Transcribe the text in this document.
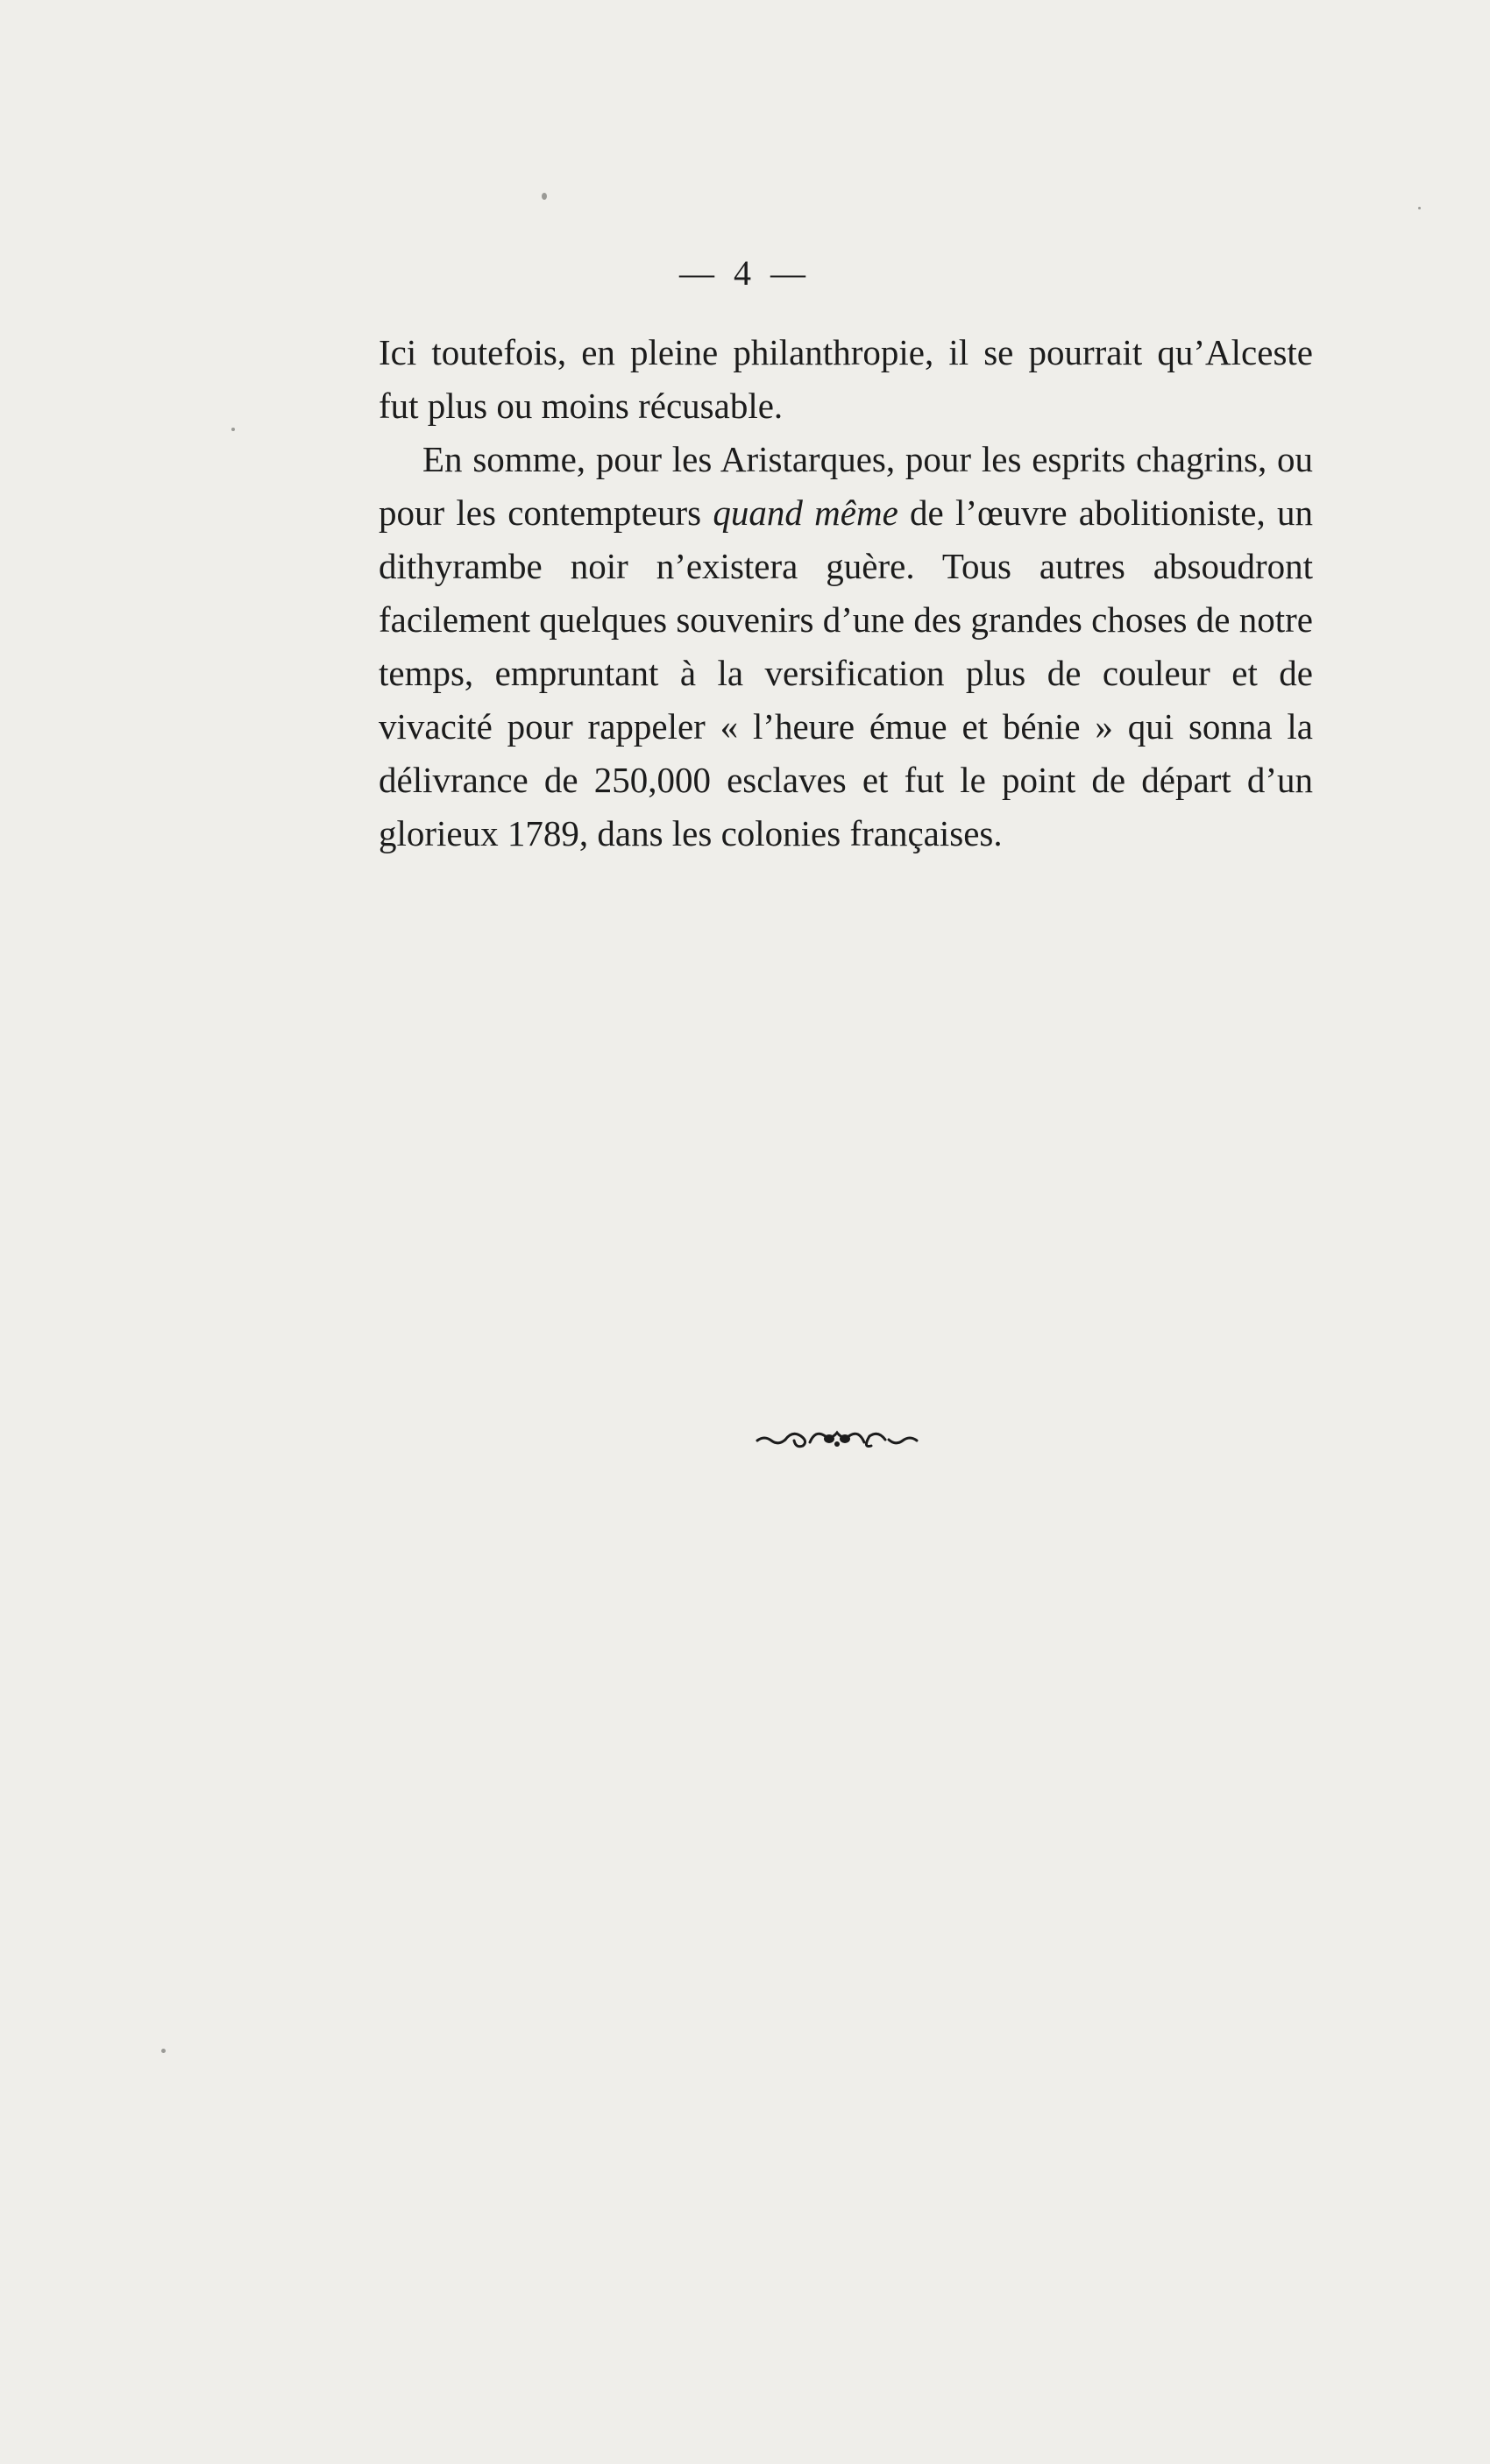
— 4 —

Ici toutefois, en pleine philanthropie, il se pourrait qu’Alceste fut plus ou moins récusable.

En somme, pour les Aristarques, pour les esprits chagrins, ou pour les contempteurs quand même de l’œuvre abolitioniste, un dithyrambe noir n’existera guère. Tous autres absoudront facilement quelques souvenirs d’une des grandes choses de notre temps, empruntant à la versification plus de couleur et de vivacité pour rappeler « l’heure émue et bénie » qui sonna la délivrance de 250,000 esclaves et fut le point de départ d’un glorieux 1789, dans les colonies françaises.
